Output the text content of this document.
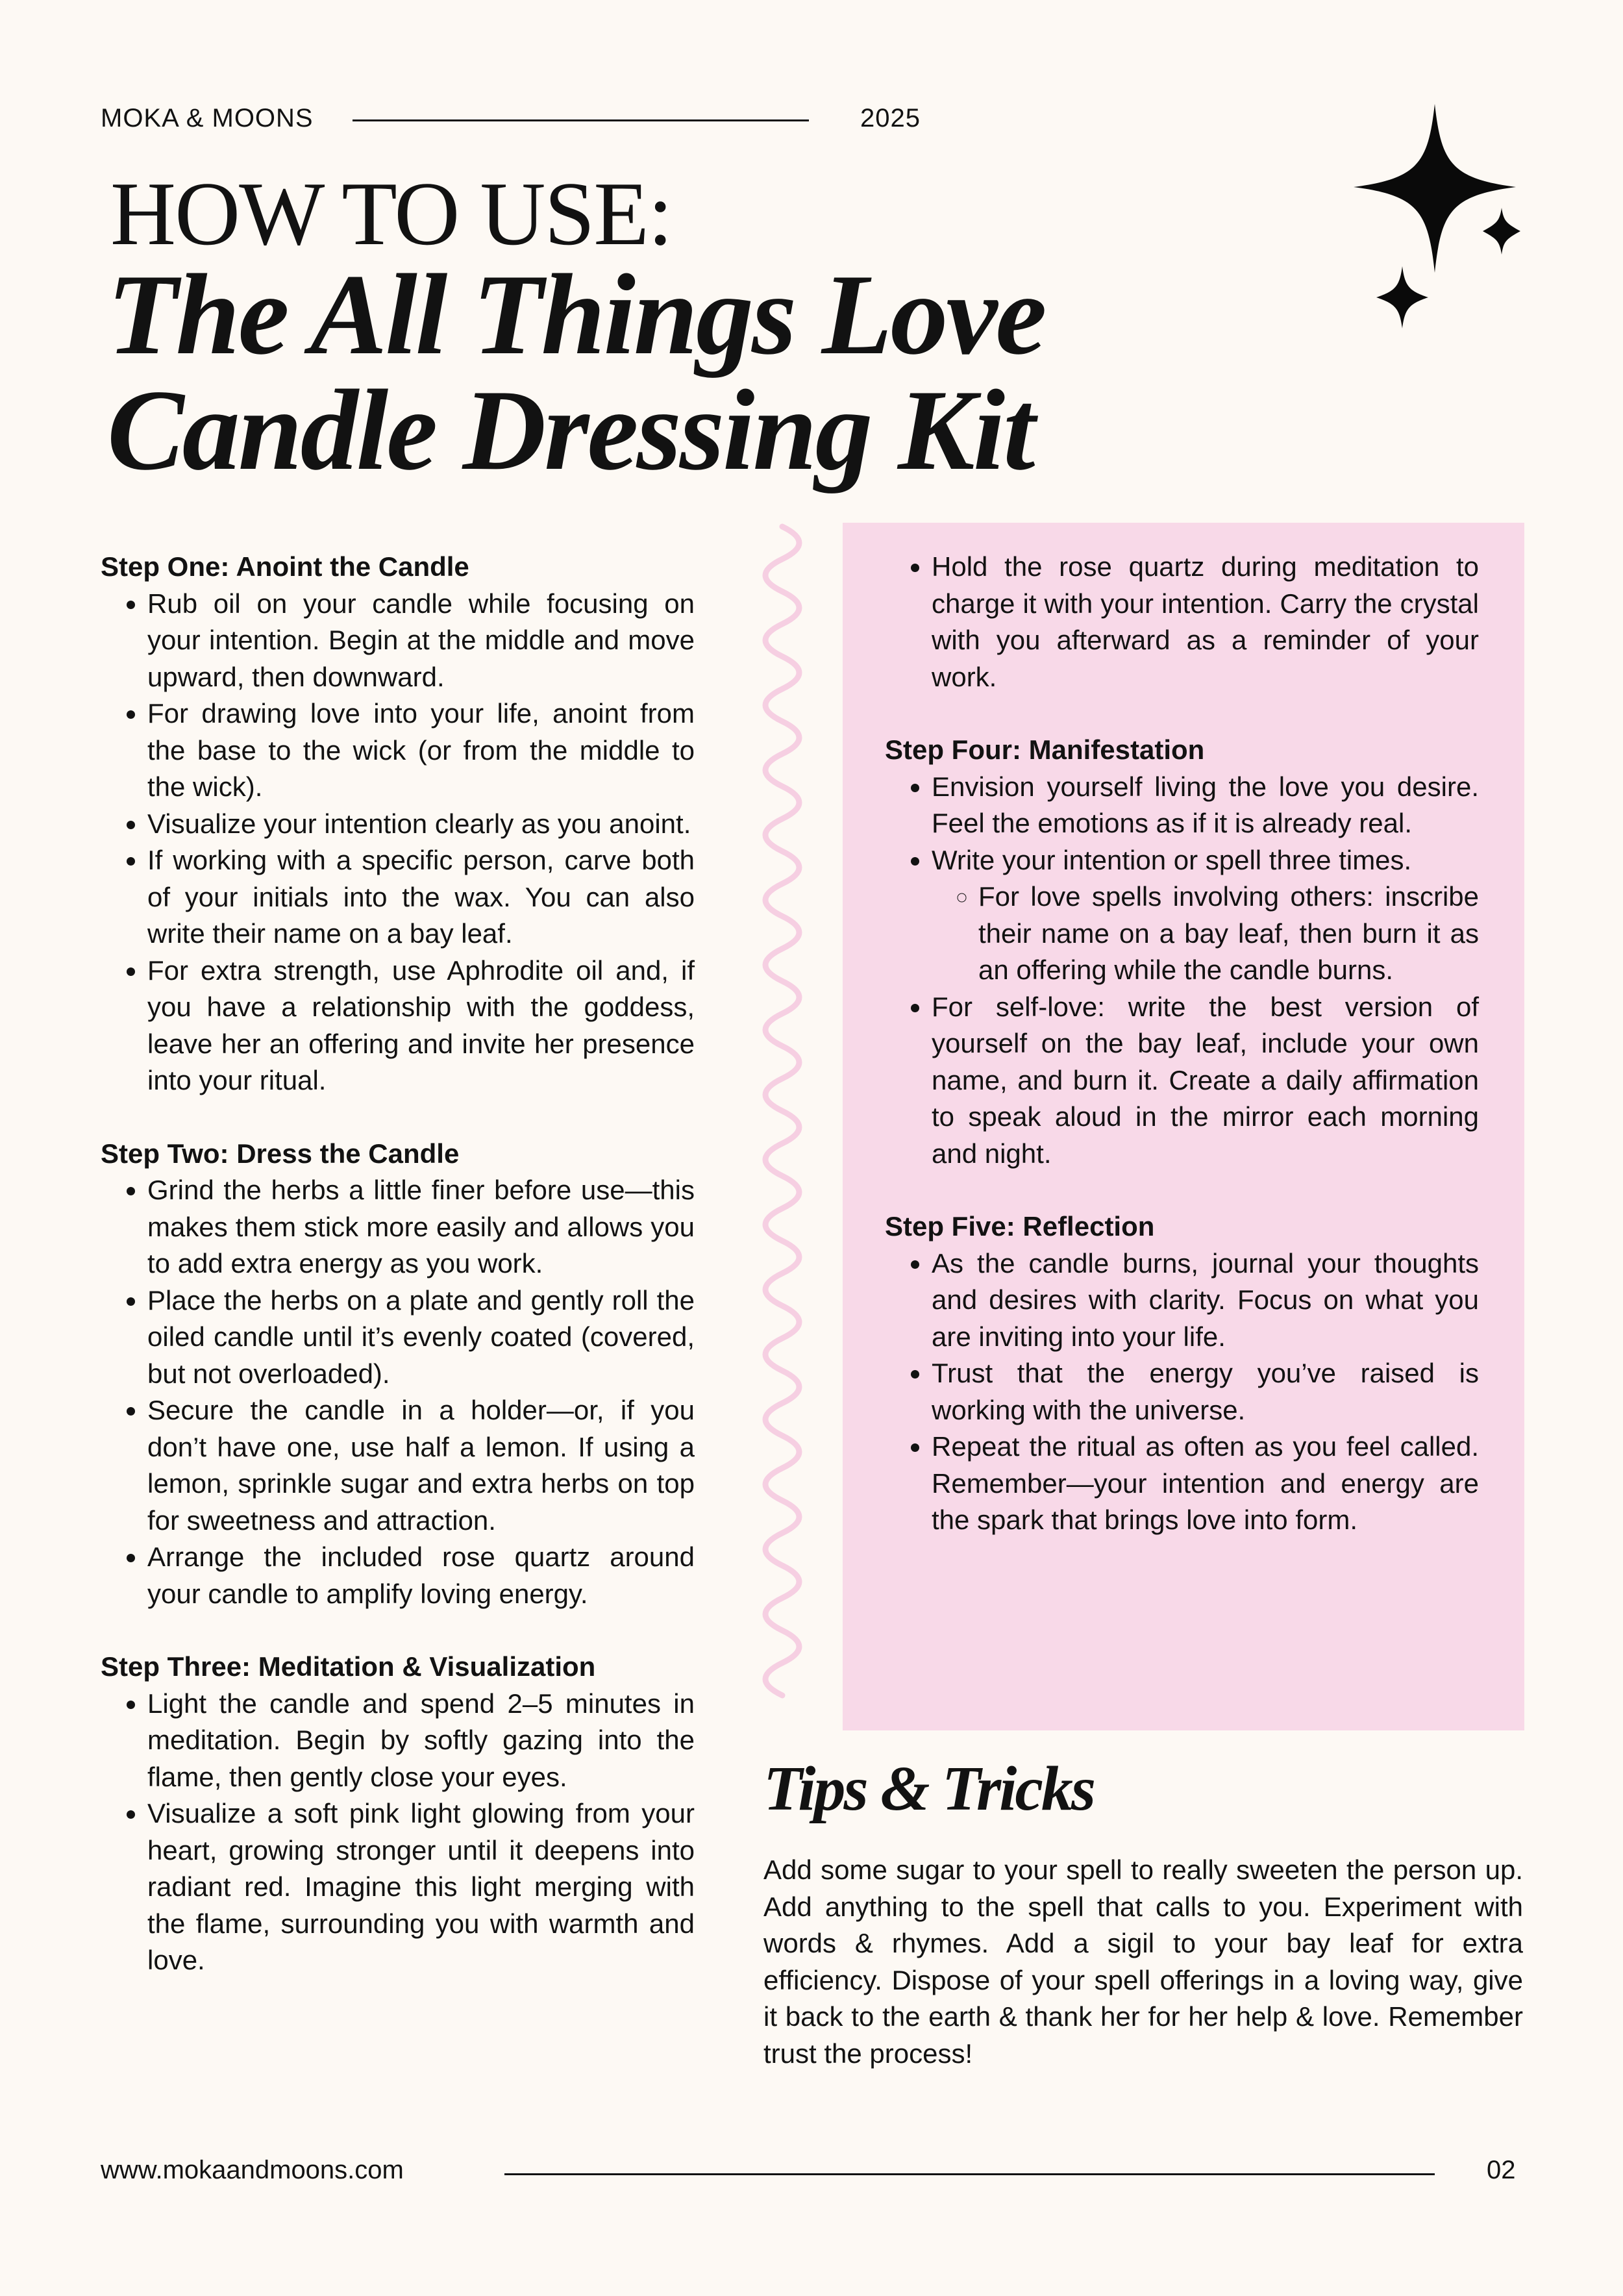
MOKA & MOONS	2025
HOW TO USE:
The All Things Love Candle Dressing Kit
Step One: Anoint the Candle
• Rub oil on your candle while focusing on your intention. Begin at the middle and move upward, then downward.
• For drawing love into your life, anoint from the base to the wick (or from the middle to the wick).
• Visualize your intention clearly as you anoint.
• If working with a specific person, carve both of your initials into the wax. You can also write their name on a bay leaf.
• For extra strength, use Aphrodite oil and, if you have a relationship with the goddess, leave her an offering and invite her presence into your ritual.
Step Two: Dress the Candle
• Grind the herbs a little finer before use—this makes them stick more easily and allows you to add extra energy as you work.
• Place the herbs on a plate and gently roll the oiled candle until it’s evenly coated (covered, but not overloaded).
• Secure the candle in a holder—or, if you don’t have one, use half a lemon. If using a lemon, sprinkle sugar and extra herbs on top for sweetness and attraction.
• Arrange the included rose quartz around your candle to amplify loving energy.
Step Three: Meditation & Visualization
• Light the candle and spend 2–5 minutes in meditation. Begin by softly gazing into the flame, then gently close your eyes.
• Visualize a soft pink light glowing from your heart, growing stronger until it deepens into radiant red. Imagine this light merging with the flame, surrounding you with warmth and love.
• Hold the rose quartz during meditation to charge it with your intention. Carry the crystal with you afterward as a reminder of your work.
Step Four: Manifestation
• Envision yourself living the love you desire. Feel the emotions as if it is already real.
• Write your intention or spell three times.
◦ For love spells involving others: inscribe their name on a bay leaf, then burn it as an offering while the candle burns.
• For self-love: write the best version of yourself on the bay leaf, include your own name, and burn it. Create a daily affirmation to speak aloud in the mirror each morning and night.
Step Five: Reflection
• As the candle burns, journal your thoughts and desires with clarity. Focus on what you are inviting into your life.
• Trust that the energy you’ve raised is working with the universe.
• Repeat the ritual as often as you feel called. Remember—your intention and energy are the spark that brings love into form.
Tips & Tricks
Add some sugar to your spell to really sweeten the person up. Add anything to the spell that calls to you. Experiment with words & rhymes. Add a sigil to your bay leaf for extra efficiency. Dispose of your spell offerings in a loving way, give it back to the earth & thank her for her help & love. Remember trust the process!
www.mokaandmoons.com	02
